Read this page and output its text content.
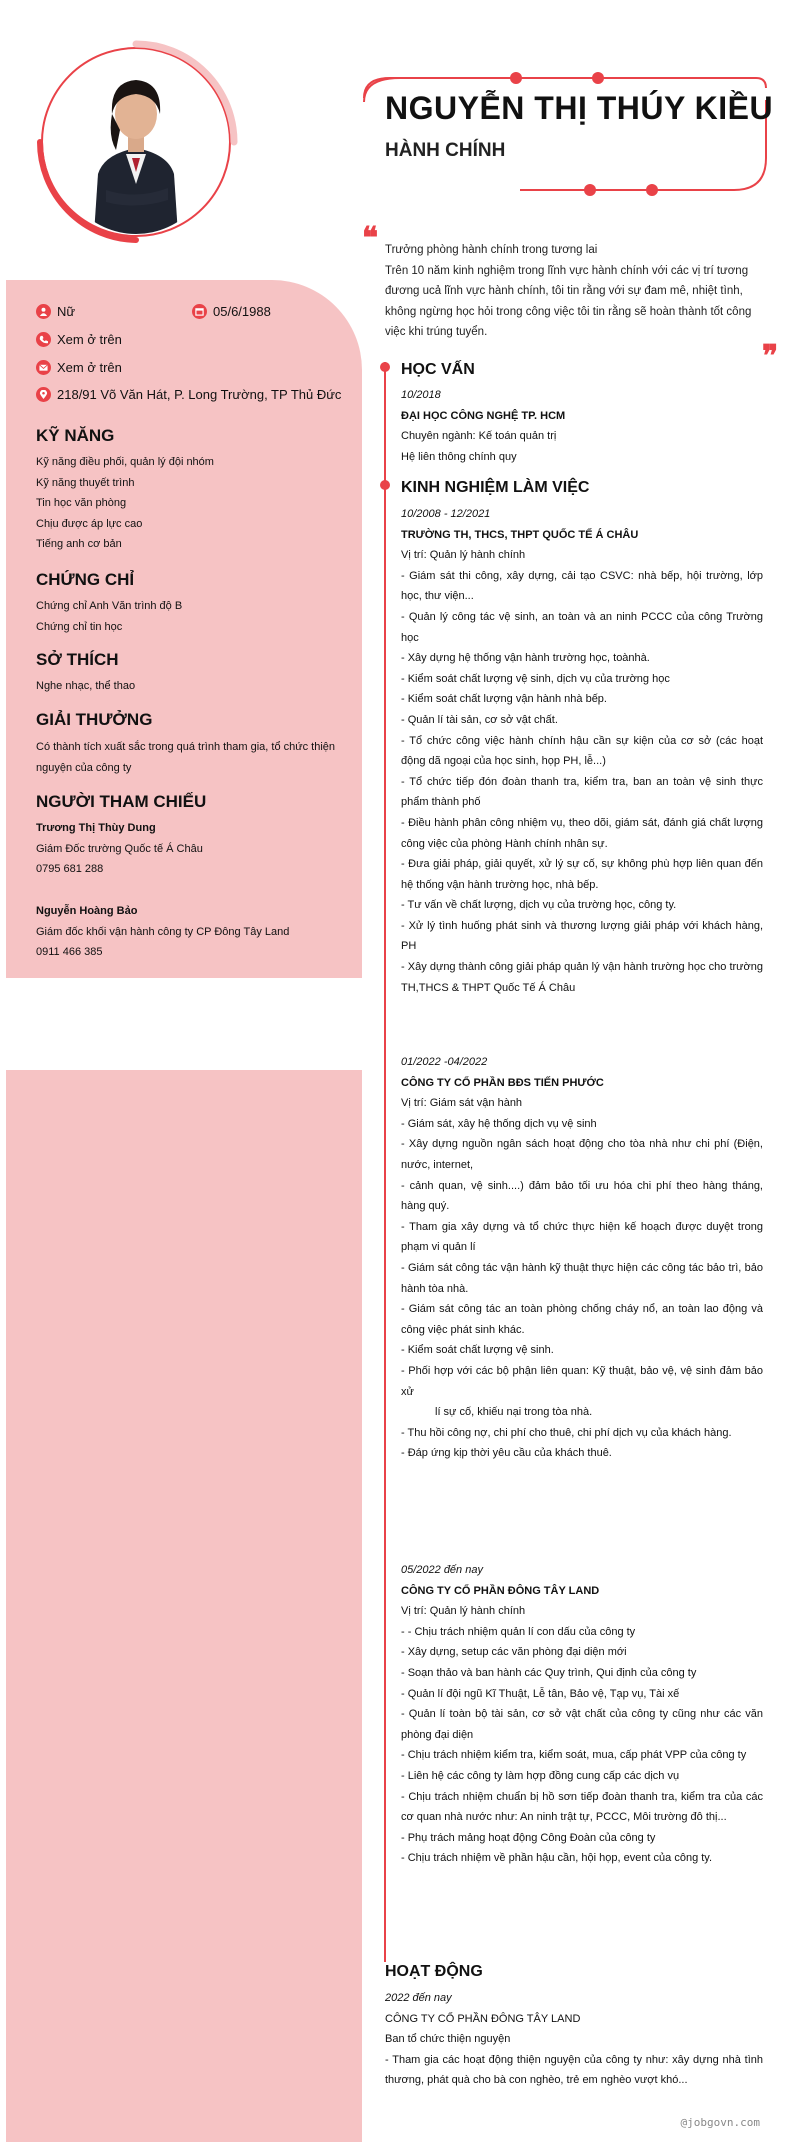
NGUYỄN THỊ THÚY KIỀU
HÀNH CHÍNH
❝ Trưởng phòng hành chính trong tương lai
Trên 10 năm kinh nghiệm trong lĩnh vực hành chính với các vị trí tương đương ucả lĩnh vực hành chính, tôi tin rằng với sự đam mê, nhiệt tình, không ngừng học hỏi trong công việc tôi tin rằng sẽ hoàn thành tốt công việc khi trúng tuyển.
❞
Nữ	05/6/1988
Xem ở trên
Xem ở trên
218/91 Võ Văn Hát, P. Long Trường, TP Thủ Đức
KỸ NĂNG
Kỹ năng điều phối, quản lý đội nhóm
Kỹ năng thuyết trình
Tin học văn phòng
Chịu được áp lực cao
Tiếng anh cơ bản
CHỨNG CHỈ
Chứng chỉ Anh Văn trình độ B
Chứng chỉ tin học
SỞ THÍCH
Nghe nhạc, thể thao
GIẢI THƯỞNG
Có thành tích xuất sắc trong quá trình tham gia, tổ chức thiện nguyện của công ty
NGƯỜI THAM CHIẾU
Trương Thị Thùy Dung
Giám Đốc trường Quốc tế Á Châu
0795 681 288
Nguyễn Hoàng Bảo
Giám đốc khối vận hành công ty CP Đông Tây Land
0911 466 385
HỌC VẤN
10/2018
ĐẠI HỌC CÔNG NGHỆ TP. HCM
Chuyên ngành: Kế toán quản trị
Hệ liên thông chính quy
KINH NGHIỆM LÀM VIỆC
10/2008 - 12/2021
TRƯỜNG TH, THCS, THPT QUỐC TẾ Á CHÂU
Vị trí: Quản lý hành chính
- Giám sát thi công, xây dựng, cải tạo CSVC: nhà bếp, hội trường, lớp học, thư viện...
- Quản lý công tác vệ sinh, an toàn và an ninh PCCC của công Trường học
- Xây dựng hệ thống vận hành trường học, toànhà.
- Kiểm soát chất lượng vệ sinh, dịch vụ của trường học
- Kiểm soát chất lượng vận hành nhà bếp.
- Quản lí tài sản, cơ sở vật chất.
- Tổ chức công việc hành chính hậu cần sự kiện của cơ sở (các hoạt động dã ngoại của học sinh, họp PH, lễ...)
- Tổ chức tiếp đón đoàn thanh tra, kiểm tra, ban an toàn vệ sinh thực phẩm thành phố
- Điều hành phân công nhiệm vụ, theo dõi, giám sát, đánh giá chất lượng công việc của phòng Hành chính nhân sự.
- Đưa giải pháp, giải quyết, xử lý sự cố, sự không phù hợp liên quan đến hệ thống vận hành trường học, nhà bếp.
- Tư vấn về chất lượng, dịch vụ của trường học, công ty.
- Xử lý tình huống phát sinh và thương lượng giải pháp với khách hàng, PH
- Xây dựng thành công giải pháp quản lý vận hành trường học cho trường TH,THCS & THPT Quốc Tế Á Châu
01/2022 -04/2022
CÔNG TY CỔ PHẦN BĐS TIẾN PHƯỚC
Vị trí: Giám sát vận hành
- Giám sát, xây hệ thống dịch vụ vệ sinh
- Xây dựng nguồn ngân sách hoạt động cho tòa nhà như chi phí (Điện, nước, internet,
- cảnh quan, vệ sinh....) đảm bảo tối ưu hóa chi phí theo hàng tháng, hàng quý.
- Tham gia xây dựng và tổ chức thực hiện kế hoạch được duyệt trong phạm vi quản lí
- Giám sát công tác vận hành kỹ thuật thực hiện các công tác bảo trì, bảo hành tòa nhà.
- Giám sát công tác an toàn phòng chống cháy nổ, an toàn lao động và công việc phát sinh khác.
- Kiểm soát chất lượng vệ sinh.
- Phối hợp với các bộ phận liên quan: Kỹ thuật, bảo vệ, vệ sinh đảm bảo xử
lí sự cố, khiếu nại trong tòa nhà.
- Thu hồi công nợ, chi phí cho thuê, chi phí dịch vụ của khách hàng.
- Đáp ứng kịp thời yêu cầu của khách thuê.
05/2022 đến nay
CÔNG TY CỔ PHẦN ĐÔNG TÂY LAND
Vị trí: Quản lý hành chính
- - Chịu trách nhiệm quản lí con dấu của công ty
- Xây dựng, setup các văn phòng đại diện mới
- Soạn thảo và ban hành các Quy trình, Qui định của công ty
- Quản lí đội ngũ Kĩ Thuật, Lễ tân, Bảo vệ, Tạp vụ, Tài xế
- Quản lí toàn bộ tài sản, cơ sở vật chất của công ty cũng như các văn phòng đại diện
- Chịu trách nhiệm kiểm tra, kiểm soát, mua, cấp phát VPP của công ty
- Liên hệ các công ty làm hợp đồng cung cấp các dịch vụ
- Chịu trách nhiệm chuẩn bị hồ sơn tiếp đoàn thanh tra, kiểm tra của các cơ quan nhà nước như: An ninh trật tự, PCCC, Môi trường đô thị...
- Phụ trách mảng hoạt động Công Đoàn của công ty
- Chịu trách nhiệm về phần hậu cần, hội họp, event của công ty.
HOẠT ĐỘNG
2022 đến nay
CÔNG TY CỔ PHẦN ĐÔNG TÂY LAND
Ban tổ chức thiện nguyện
- Tham gia các hoạt động thiện nguyện của công ty như: xây dựng nhà tình thương, phát quà cho bà con nghèo, trẻ em nghèo vượt khó...
@jobgovn.com
